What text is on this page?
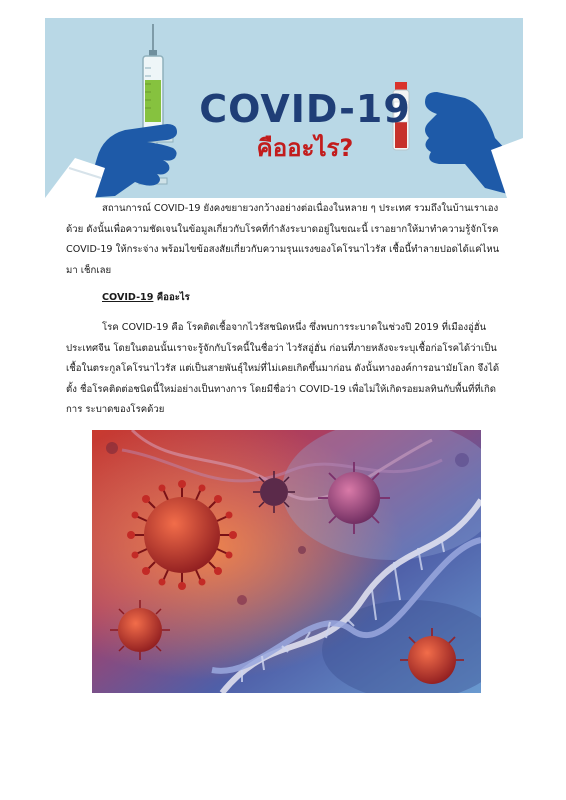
COVID-19
คืออะไร?

สถานการณ์ COVID-19 ยังคงขยายวงกว้างอย่างต่อเนื่องในหลาย ๆ ประเทศ รวมถึงในบ้านเราเอง ด้วย ดังนั้นเพื่อความชัดเจนในข้อมูลเกี่ยวกับโรคที่กำลังระบาดอยู่ในขณะนี้ เราอยากให้มาทำความรู้จักโรค COVID-19 ให้กระจ่าง พร้อมไขข้อสงสัยเกี่ยวกับความรุนแรงของโคโรนาไวรัส เชื้อนี้ทำลายปอดได้แค่ไหน มา เช็กเลย

COVID-19 คืออะไร

โรค COVID-19 คือ โรคติดเชื้อจากไวรัสชนิดหนึ่ง ซึ่งพบการระบาดในช่วงปี 2019 ที่เมืองอู่ฮั่น ประเทศจีน โดยในตอนนั้นเราจะรู้จักกับโรคนี้ในชื่อว่า ไวรัสอู่ฮั่น ก่อนที่ภายหลังจะระบุเชื้อก่อโรคได้ว่าเป็น เชื้อในตระกูลโคโรนาไวรัส แต่เป็นสายพันธุ์ใหม่ที่ไม่เคยเกิดขึ้นมาก่อน ดังนั้นทางองค์การอนามัยโลก จึงได้ตั้ง ชื่อโรคติดต่อชนิดนี้ใหม่อย่างเป็นทางการ โดยมีชื่อว่า COVID-19 เพื่อไม่ให้เกิดรอยมลทินกับพื้นที่ที่เกิดการ ระบาดของโรคด้วย
